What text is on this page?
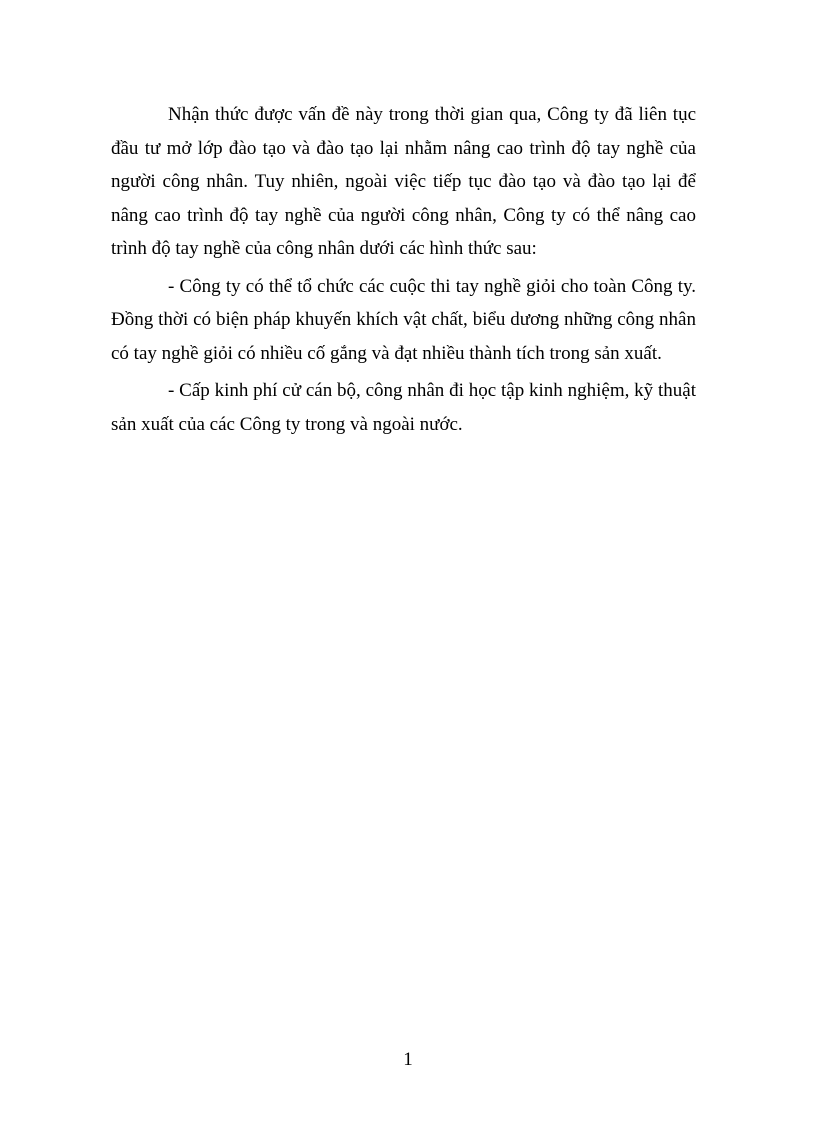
Nhận thức được vấn đề này trong thời gian qua, Công ty đã liên tục đầu tư mở lớp đào tạo và đào tạo lại nhằm nâng cao trình độ tay nghề của người công nhân. Tuy nhiên, ngoài việc tiếp tục đào tạo và đào tạo lại để nâng cao trình độ tay nghề của người công nhân, Công ty có thể nâng cao trình độ tay nghề của công nhân dưới các hình thức sau:

- Công ty có thể tổ chức các cuộc thi tay nghề giỏi cho toàn Công ty. Đồng thời có biện pháp khuyến khích vật chất, biểu dương những công nhân có tay nghề giỏi có nhiều cố gắng và đạt nhiều thành tích trong sản xuất.

- Cấp kinh phí cử cán bộ, công nhân đi học tập kinh nghiệm, kỹ thuật sản xuất của các Công ty trong và ngoài nước.

1
